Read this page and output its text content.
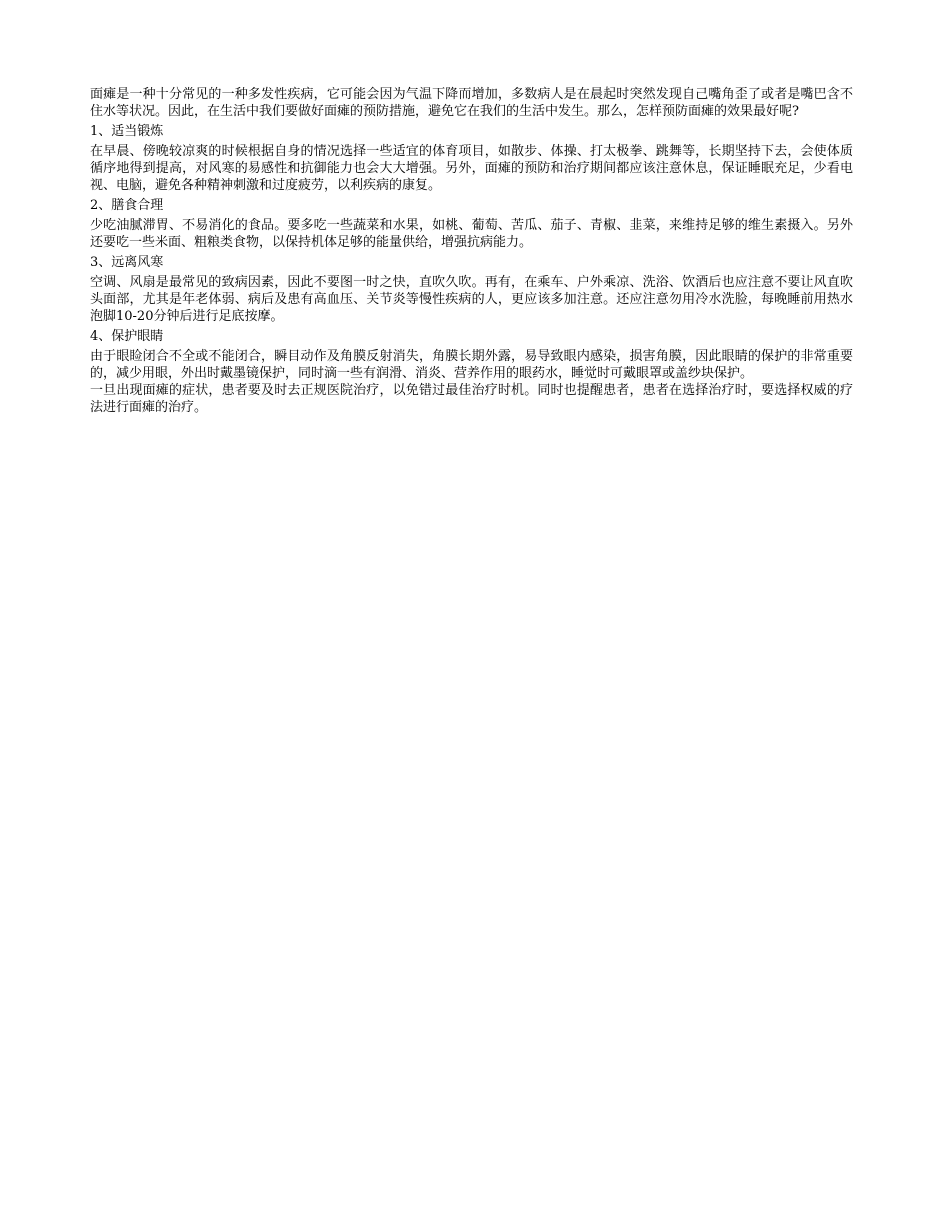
面瘫是一种十分常见的一种多发性疾病，它可能会因为气温下降而增加，多数病人是在晨起时突然发现自己嘴角歪了或者是嘴巴含不住水等状况。因此，在生活中我们要做好面瘫的预防措施，避免它在我们的生活中发生。那么，怎样预防面瘫的效果最好呢?

1、适当锻炼

在早晨、傍晚较凉爽的时候根据自身的情况选择一些适宜的体育项目，如散步、体操、打太极拳、跳舞等，长期坚持下去，会使体质循序地得到提高，对风寒的易感性和抗御能力也会大大增强。另外，面瘫的预防和治疗期间都应该注意休息，保证睡眠充足，少看电视、电脑，避免各种精神刺激和过度疲劳，以利疾病的康复。

2、膳食合理

少吃油腻滞胃、不易消化的食品。要多吃一些蔬菜和水果，如桃、葡萄、苦瓜、茄子、青椒、韭菜，来维持足够的维生素摄入。另外还要吃一些米面、粗粮类食物，以保持机体足够的能量供给，增强抗病能力。

3、远离风寒

空调、风扇是最常见的致病因素，因此不要图一时之快，直吹久吹。再有，在乘车、户外乘凉、洗浴、饮酒后也应注意不要让风直吹头面部，尤其是年老体弱、病后及患有高血压、关节炎等慢性疾病的人，更应该多加注意。还应注意勿用冷水洗脸，每晚睡前用热水泡脚10-20分钟后进行足底按摩。

4、保护眼睛

由于眼睑闭合不全或不能闭合，瞬目动作及角膜反射消失，角膜长期外露，易导致眼内感染，损害角膜，因此眼睛的保护的非常重要的，减少用眼，外出时戴墨镜保护，同时滴一些有润滑、消炎、营养作用的眼药水，睡觉时可戴眼罩或盖纱块保护。

一旦出现面瘫的症状，患者要及时去正规医院治疗，以免错过最佳治疗时机。同时也提醒患者，患者在选择治疗时，要选择权威的疗法进行面瘫的治疗。
